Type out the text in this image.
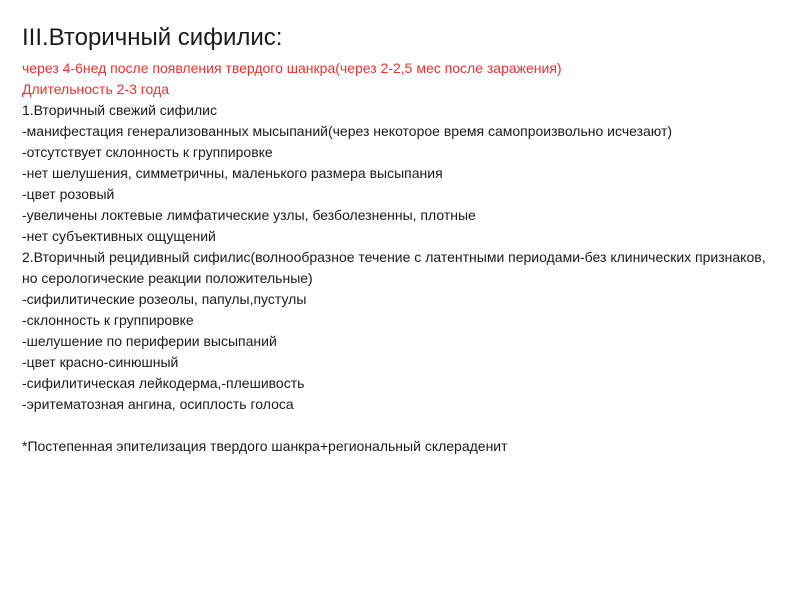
III.Вторичный сифилис:

через 4-6нед после появления твердого шанкра(через 2-2,5 мес после заражения)

Длительность 2-3 года

1.Вторичный свежий сифилис

-манифестация генерализованных мысыпаний(через некоторое время самопроизвольно исчезают)

-отсутствует склонность к группировке

-нет шелушения, симметричны, маленького размера высыпания

-цвет розовый

-увеличены локтевые лимфатические узлы, безболезненны, плотные

-нет субъективных ощущений

2.Вторичный рецидивный сифилис(волнообразное течение с латентными периодами-без клинических признаков, но серологические реакции положительные)

-сифилитические розеолы, папулы,пустулы

-склонность к группировке

-шелушение по периферии высыпаний

-цвет красно-синюшный

-сифилитическая лейкодерма,-плешивость

-эритематозная ангина, осиплость голоса

*Постепенная эпителизация твердого шанкра+региональный склераденит
